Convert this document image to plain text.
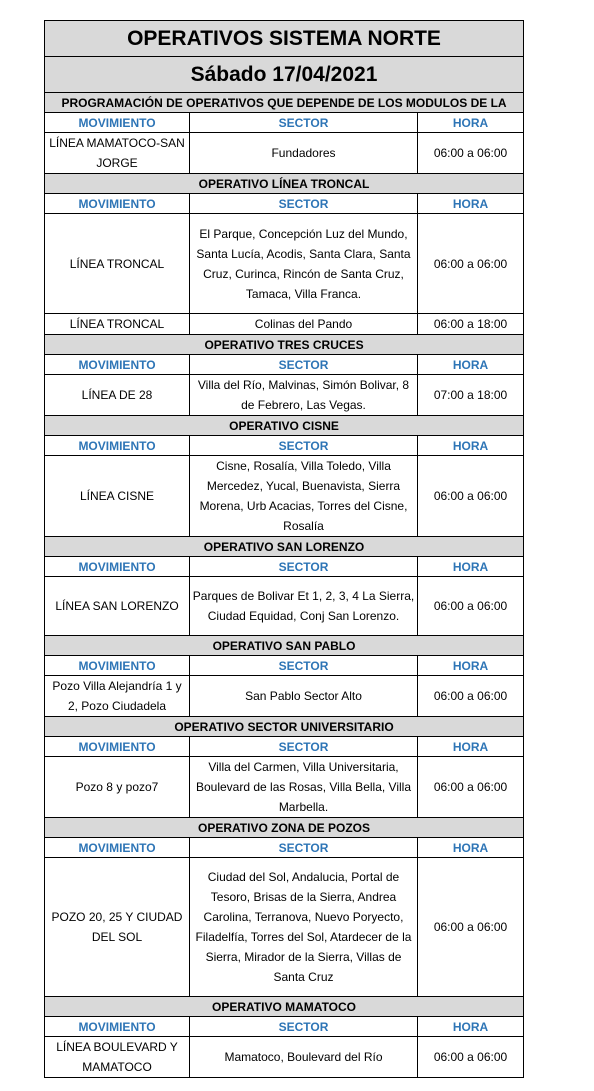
OPERATIVOS SISTEMA NORTE		
Sábado 17/04/2021		
PROGRAMACIÓN DE OPERATIVOS QUE DEPENDE DE LOS MODULOS DE LA		
MOVIMIENTO	SECTOR	HORA
LÍNEA MAMATOCO-SAN JORGE	Fundadores	06:00 a 06:00
OPERATIVO LÍNEA TRONCAL		
MOVIMIENTO	SECTOR	HORA
LÍNEA TRONCAL	El Parque, Concepción Luz del Mundo, Santa Lucía, Acodis, Santa Clara, Santa Cruz, Curinca, Rincón de Santa Cruz, Tamaca, Villa Franca.	06:00 a 06:00
LÍNEA TRONCAL	Colinas del Pando	06:00 a 18:00
OPERATIVO TRES CRUCES		
MOVIMIENTO	SECTOR	HORA
LÍNEA DE 28	Villa del Río, Malvinas, Simón Bolivar, 8 de Febrero, Las Vegas.	07:00 a 18:00
OPERATIVO CISNE		
MOVIMIENTO	SECTOR	HORA
LÍNEA CISNE	Cisne, Rosalía, Villa Toledo, Villa Mercedez, Yucal, Buenavista, Sierra Morena, Urb Acacias, Torres del Cisne, Rosalía	06:00 a 06:00
OPERATIVO SAN LORENZO		
MOVIMIENTO	SECTOR	HORA
LÍNEA SAN LORENZO	Parques de Bolivar Et 1, 2, 3, 4 La Sierra, Ciudad Equidad, Conj San Lorenzo.	06:00 a 06:00
OPERATIVO SAN PABLO		
MOVIMIENTO	SECTOR	HORA
Pozo Villa Alejandría 1 y 2, Pozo Ciudadela	San Pablo Sector Alto	06:00 a 06:00
OPERATIVO SECTOR UNIVERSITARIO		
MOVIMIENTO	SECTOR	HORA
Pozo 8 y pozo7	Villa del Carmen, Villa Universitaria, Boulevard de las Rosas, Villa Bella, Villa Marbella.	06:00 a 06:00
OPERATIVO ZONA DE POZOS		
MOVIMIENTO	SECTOR	HORA
POZO 20, 25 Y CIUDAD DEL SOL	Ciudad del Sol, Andalucia, Portal de Tesoro, Brisas de la Sierra, Andrea Carolina, Terranova, Nuevo Poryecto, Filadelfía, Torres del Sol, Atardecer de la Sierra, Mirador de la Sierra, Villas de Santa Cruz	06:00 a 06:00
OPERATIVO MAMATOCO		
MOVIMIENTO	SECTOR	HORA
LÍNEA BOULEVARD Y MAMATOCO	Mamatoco, Boulevard del Río	06:00 a 06:00
